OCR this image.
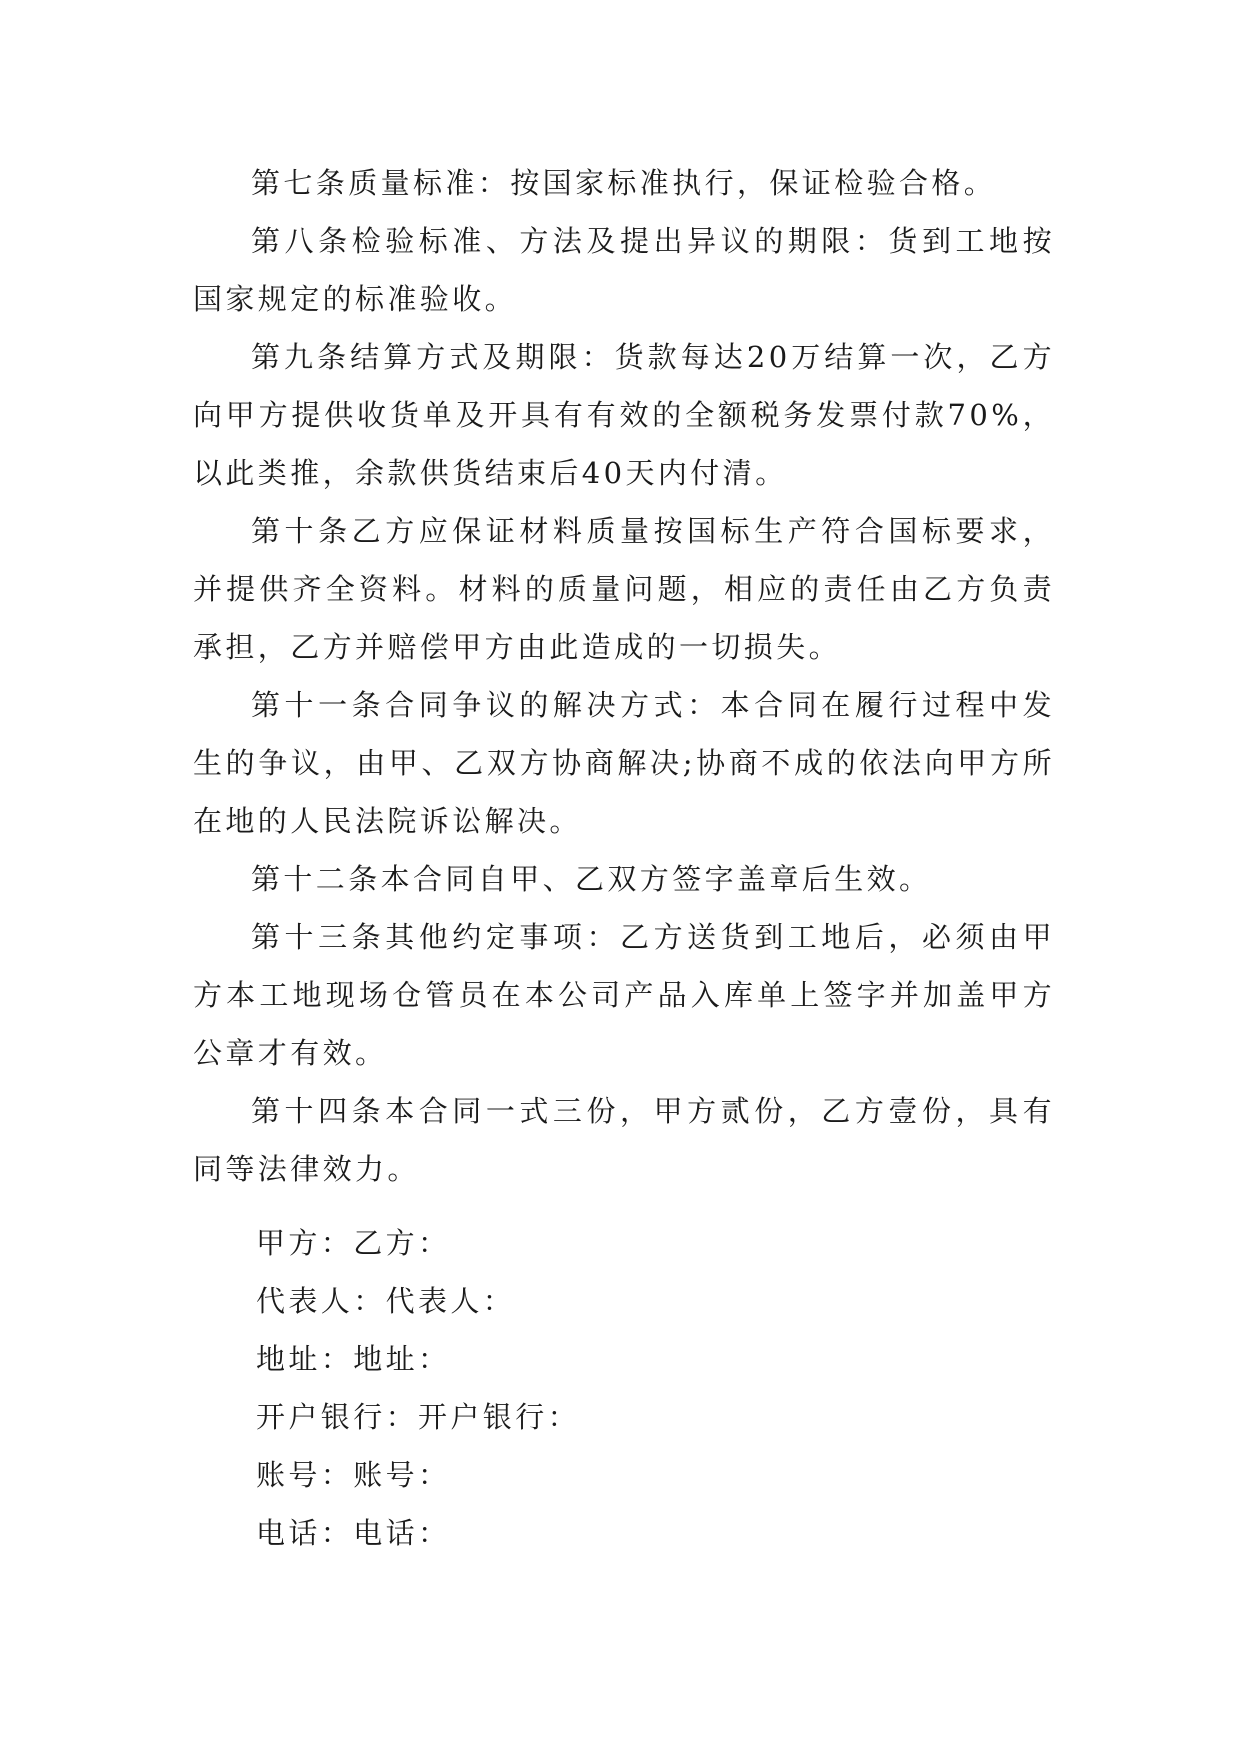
第七条质量标准：按国家标准执行，保证检验合格。

第八条检验标准、方法及提出异议的期限：货到工地按国家规定的标准验收。

第九条结算方式及期限：货款每达20万结算一次，乙方向甲方提供收货单及开具有有效的全额税务发票付款70%，以此类推，余款供货结束后40天内付清。

第十条乙方应保证材料质量按国标生产符合国标要求，并提供齐全资料。材料的质量问题，相应的责任由乙方负责承担，乙方并赔偿甲方由此造成的一切损失。

第十一条合同争议的解决方式：本合同在履行过程中发生的争议，由甲、乙双方协商解决;协商不成的依法向甲方所在地的人民法院诉讼解决。

第十二条本合同自甲、乙双方签字盖章后生效。

第十三条其他约定事项：乙方送货到工地后，必须由甲方本工地现场仓管员在本公司产品入库单上签字并加盖甲方公章才有效。

第十四条本合同一式三份，甲方贰份，乙方壹份，具有同等法律效力。

甲方：乙方：
代表人：代表人：
地址：地址：
开户银行：开户银行：
账号：账号：
电话：电话：
